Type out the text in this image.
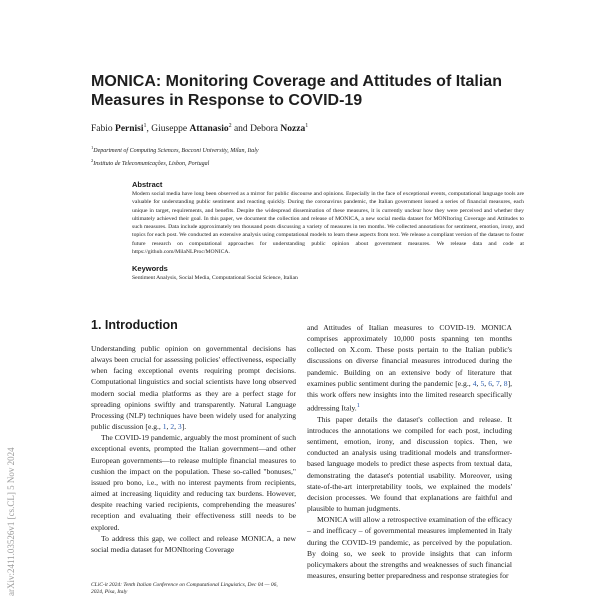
MONICA: Monitoring Coverage and Attitudes of Italian Measures in Response to COVID-19
Fabio Pernisi$^1$, Giuseppe Attanasio$^2$ and Debora Nozza$^1$
$^1$Department of Computing Sciences, Bocconi University, Milan, Italy
$^2$Instituto de Telecomunicações, Lisbon, Portugal

Abstract

Modern social media have long been observed as a mirror for public discourse and opinions. Especially in the face of exceptional events, computational language tools are valuable for understanding public sentiment and reacting quickly. During the coronavirus pandemic, the Italian government issued a series of financial measures, each unique in target, requirements, and benefits. Despite the widespread dissemination of these measures, it is currently unclear how they were perceived and whether they ultimately achieved their goal. In this paper, we document the collection and release of MONICA, a new social media dataset for MONItoring Coverage and Attitudes to such measures. Data include approximately ten thousand posts discussing a variety of measures in ten months. We collected annotations for sentiment, emotion, irony, and topics for each post. We conducted an extensive analysis using computational models to learn these aspects from text. We release a compliant version of the dataset to foster future research on computational approaches for understanding public opinion about government measures. We release data and code at https://github.com/MilaNLProc/MONICA.

Keywords

Sentiment Analysis, Social Media, Computational Social Science, Italian

1. Introduction

Understanding public opinion on governmental decisions has always been crucial for assessing policies' effectiveness, especially when facing exceptional events requiring prompt decisions. Computational linguistics and social scientists have long observed modern social media platforms as they are a perfect stage for spreading opinions swiftly and transparently. Natural Language Processing (NLP) techniques have been widely used for analyzing public discussion [e.g., 1, 2, 3].

The COVID-19 pandemic, arguably the most prominent of such exceptional events, prompted the Italian government—and other European governments—to release multiple financial measures to cushion the impact on the population. These so-called "bonuses," issued pro bono, i.e., with no interest payments from recipients, aimed at increasing liquidity and reducing tax burdens. However, despite reaching varied recipients, comprehending the measures' reception and evaluating their effectiveness still needs to be explored.

To address this gap, we collect and release MONICA, a new social media dataset for MONItoring Coverage

and Attitudes of Italian measures to COVID-19. MONICA comprises approximately 10,000 posts spanning ten months collected on X.com. These posts pertain to the Italian public's discussions on diverse financial measures introduced during the pandemic. Building on an extensive body of literature that examines public sentiment during the pandemic [e.g., 4, 5, 6, 7, 8], this work offers new insights into the limited research specifically addressing Italy.$^1$

This paper details the dataset's collection and release. It introduces the annotations we compiled for each post, including sentiment, emotion, irony, and discussion topics. Then, we conducted an analysis using traditional models and transformer-based language models to predict these aspects from textual data, demonstrating the dataset's potential usability. Moreover, using state-of-the-art interpretability tools, we explained the models' decision processes. We found that explanations are faithful and plausible to human judgments.

MONICA will allow a retrospective examination of the efficacy – and inefficacy – of governmental measures implemented in Italy during the COVID-19 pandemic, as perceived by the population. By doing so, we seek to provide insights that can inform policymakers about the strengths and weaknesses of such financial measures, ensuring better preparedness and response strategies for

CLiC-it 2024: Tenth Italian Conference on Computational Linguistics, Dec 04 — 06, 2024, Pisa, Italy
arXiv:2411.03526v1 [cs.CL] 5 Nov 2024
